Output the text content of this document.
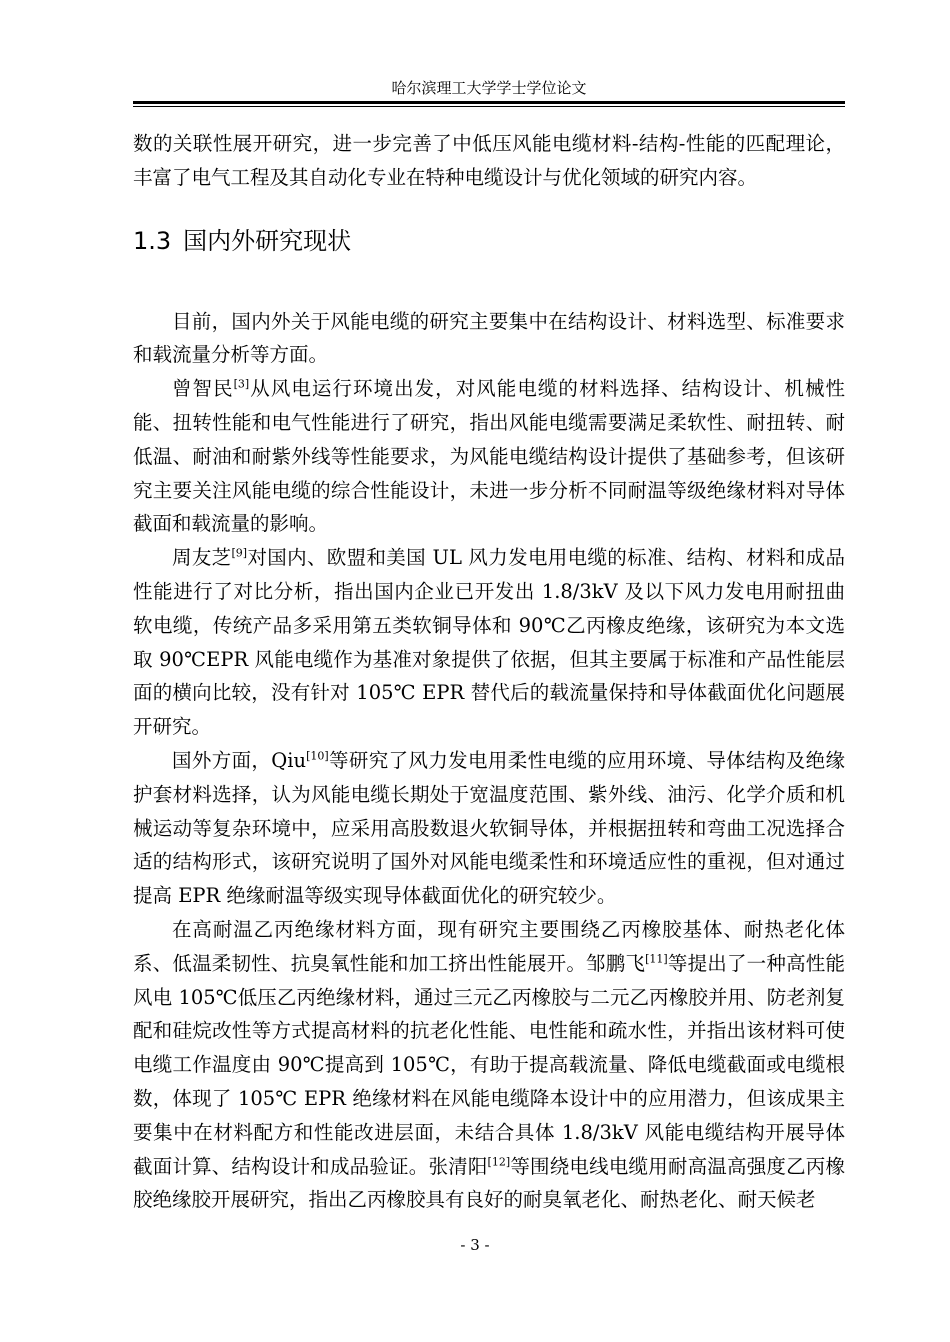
哈尔滨理工大学学士学位论文

数的关联性展开研究，进一步完善了中低压风能电缆材料-结构-性能的匹配理论，丰富了电气工程及其自动化专业在特种电缆设计与优化领域的研究内容。

1.3 国内外研究现状

目前，国内外关于风能电缆的研究主要集中在结构设计、材料选型、标准要求和载流量分析等方面。

曾智民[3]从风电运行环境出发，对风能电缆的材料选择、结构设计、机械性能、扭转性能和电气性能进行了研究，指出风能电缆需要满足柔软性、耐扭转、耐低温、耐油和耐紫外线等性能要求，为风能电缆结构设计提供了基础参考，但该研究主要关注风能电缆的综合性能设计，未进一步分析不同耐温等级绝缘材料对导体截面和载流量的影响。

周友芝[9]对国内、欧盟和美国 UL 风力发电用电缆的标准、结构、材料和成品性能进行了对比分析，指出国内企业已开发出 1.8/3kV 及以下风力发电用耐扭曲软电缆，传统产品多采用第五类软铜导体和 90℃乙丙橡皮绝缘，该研究为本文选取 90℃EPR 风能电缆作为基准对象提供了依据，但其主要属于标准和产品性能层面的横向比较，没有针对 105℃ EPR 替代后的载流量保持和导体截面优化问题展开研究。

国外方面，Qiu[10]等研究了风力发电用柔性电缆的应用环境、导体结构及绝缘护套材料选择，认为风能电缆长期处于宽温度范围、紫外线、油污、化学介质和机械运动等复杂环境中，应采用高股数退火软铜导体，并根据扭转和弯曲工况选择合适的结构形式，该研究说明了国外对风能电缆柔性和环境适应性的重视，但对通过提高 EPR 绝缘耐温等级实现导体截面优化的研究较少。

在高耐温乙丙绝缘材料方面，现有研究主要围绕乙丙橡胶基体、耐热老化体系、低温柔韧性、抗臭氧性能和加工挤出性能展开。邹鹏飞[11]等提出了一种高性能风电 105℃低压乙丙绝缘材料，通过三元乙丙橡胶与二元乙丙橡胶并用、防老剂复配和硅烷改性等方式提高材料的抗老化性能、电性能和疏水性，并指出该材料可使电缆工作温度由 90℃提高到 105℃，有助于提高载流量、降低电缆截面或电缆根数，体现了 105℃ EPR 绝缘材料在风能电缆降本设计中的应用潜力，但该成果主要集中在材料配方和性能改进层面，未结合具体 1.8/3kV 风能电缆结构开展导体截面计算、结构设计和成品验证。张清阳[12]等围绕电线电缆用耐高温高强度乙丙橡胶绝缘胶开展研究，指出乙丙橡胶具有良好的耐臭氧老化、耐热老化、耐天候老

- 3 -
